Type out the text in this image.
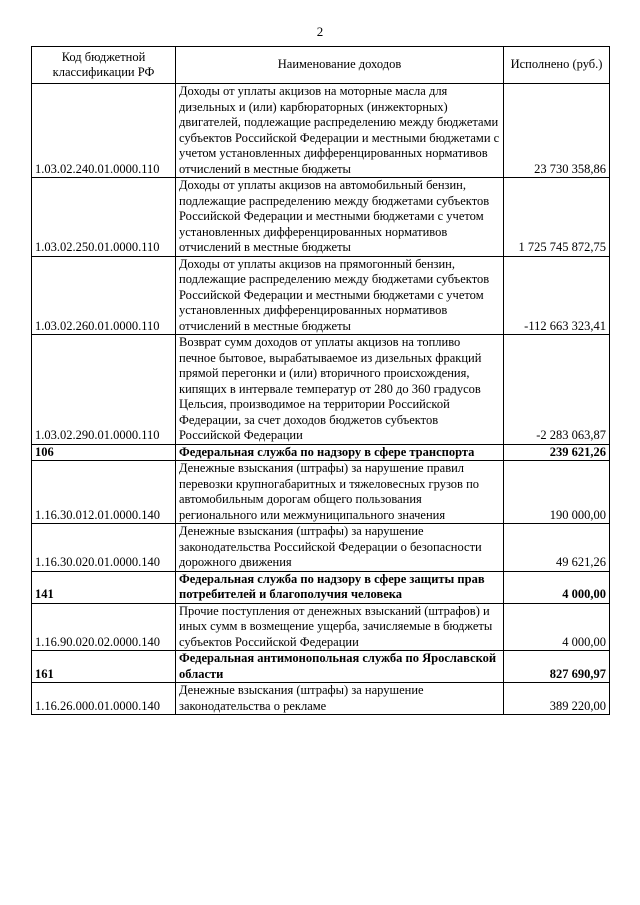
2
Код бюджетной классификации РФ	Наименование доходов	Исполнено (руб.)
1.03.02.240.01.0000.110	Доходы от уплаты акцизов на моторные масла для дизельных и (или) карбюраторных (инжекторных) двигателей, подлежащие распределению между бюджетами субъектов Российской Федерации и местными бюджетами с учетом установленных дифференцированных нормативов отчислений в местные бюджеты	23 730 358,86
1.03.02.250.01.0000.110	Доходы от уплаты акцизов на автомобильный бензин, подлежащие распределению между бюджетами субъектов Российской Федерации и местными бюджетами с учетом установленных дифференцированных нормативов отчислений в местные бюджеты	1 725 745 872,75
1.03.02.260.01.0000.110	Доходы от уплаты акцизов на прямогонный бензин, подлежащие распределению между бюджетами субъектов Российской Федерации и местными бюджетами с учетом установленных дифференцированных нормативов отчислений в местные бюджеты	-112 663 323,41
1.03.02.290.01.0000.110	Возврат сумм доходов от уплаты акцизов на топливо печное бытовое, вырабатываемое из дизельных фракций прямой перегонки и (или) вторичного происхождения, кипящих в интервале температур от 280 до 360 градусов Цельсия, производимое на территории Российской Федерации, за счет доходов бюджетов субъектов Российской Федерации	-2 283 063,87
106	Федеральная служба по надзору в сфере транспорта	239 621,26
1.16.30.012.01.0000.140	Денежные взыскания (штрафы) за нарушение правил перевозки крупногабаритных и тяжеловесных грузов по автомобильным дорогам общего пользования регионального или межмуниципального значения	190 000,00
1.16.30.020.01.0000.140	Денежные взыскания (штрафы) за нарушение законодательства Российской Федерации о безопасности дорожного движения	49 621,26
141	Федеральная служба по надзору в сфере защиты прав потребителей и благополучия человека	4 000,00
1.16.90.020.02.0000.140	Прочие поступления от денежных взысканий (штрафов) и иных сумм в возмещение ущерба, зачисляемые в бюджеты субъектов Российской Федерации	4 000,00
161	Федеральная антимонопольная служба по Ярославской области	827 690,97
1.16.26.000.01.0000.140	Денежные взыскания (штрафы) за нарушение законодательства о рекламе	389 220,00
